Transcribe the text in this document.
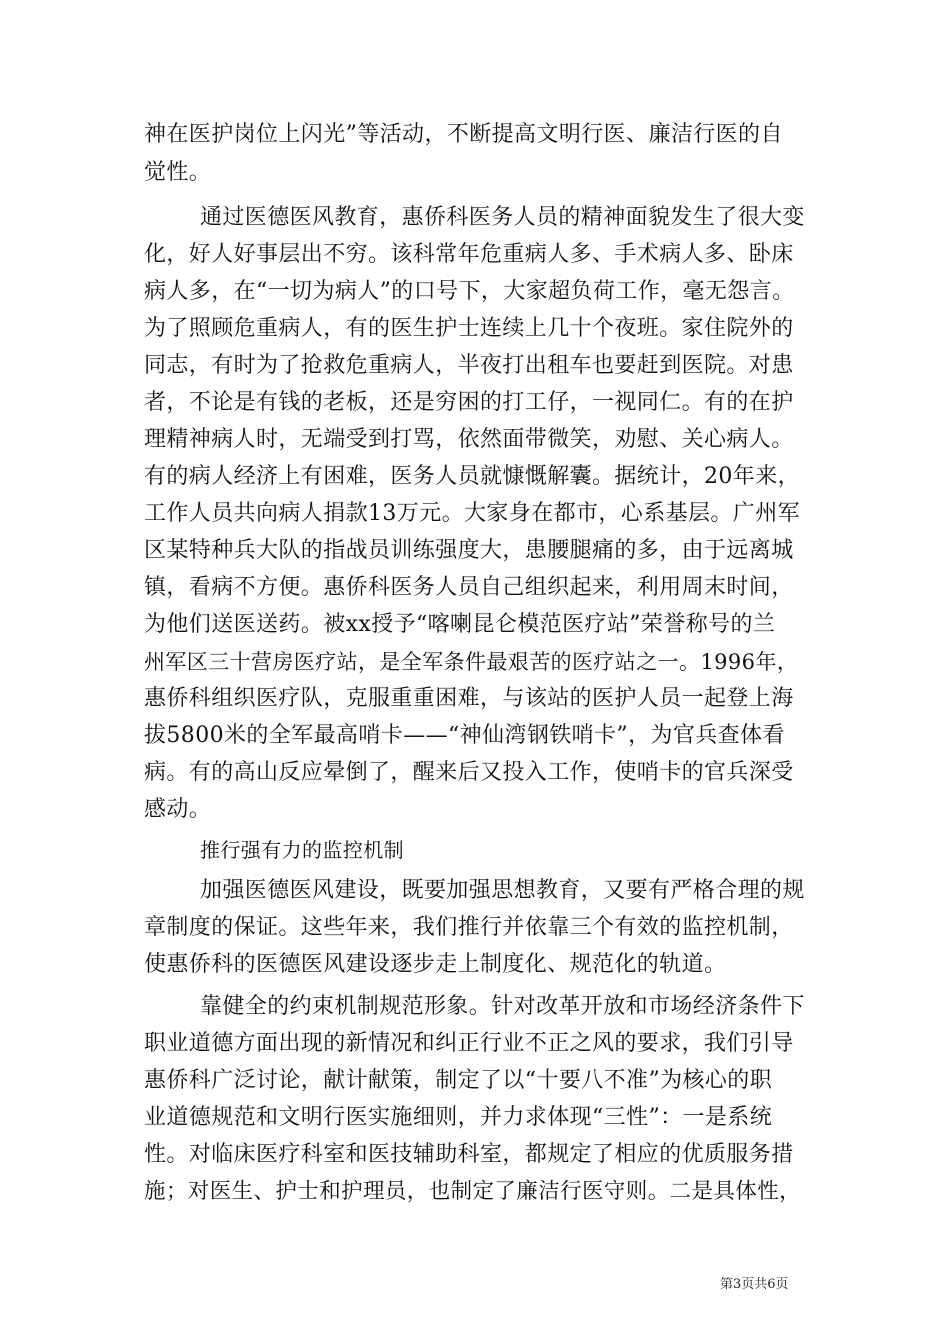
神在医护岗位上闪光”等活动，不断提高文明行医、廉洁行医的自
觉性。
通过医德医风教育，惠侨科医务人员的精神面貌发生了很大变
化，好人好事层出不穷。该科常年危重病人多、手术病人多、卧床
病人多，在“一切为病人”的口号下，大家超负荷工作，毫无怨言。
为了照顾危重病人，有的医生护士连续上几十个夜班。家住院外的
同志，有时为了抢救危重病人，半夜打出租车也要赶到医院。对患
者，不论是有钱的老板，还是穷困的打工仔，一视同仁。有的在护
理精神病人时，无端受到打骂，依然面带微笑，劝慰、关心病人。
有的病人经济上有困难，医务人员就慷慨解囊。据统计，20年来，
工作人员共向病人捐款13万元。大家身在都市，心系基层。广州军
区某特种兵大队的指战员训练强度大，患腰腿痛的多，由于远离城
镇，看病不方便。惠侨科医务人员自己组织起来，利用周末时间，
为他们送医送药。被xx授予“喀喇昆仑模范医疗站”荣誉称号的兰
州军区三十营房医疗站，是全军条件最艰苦的医疗站之一。1996年，
惠侨科组织医疗队，克服重重困难，与该站的医护人员一起登上海
拔5800米的全军最高哨卡——“神仙湾钢铁哨卡”，为官兵查体看
病。有的高山反应晕倒了，醒来后又投入工作，使哨卡的官兵深受
感动。
推行强有力的监控机制
加强医德医风建设，既要加强思想教育，又要有严格合理的规
章制度的保证。这些年来，我们推行并依靠三个有效的监控机制，
使惠侨科的医德医风建设逐步走上制度化、规范化的轨道。
靠健全的约束机制规范形象。针对改革开放和市场经济条件下
职业道德方面出现的新情况和纠正行业不正之风的要求，我们引导
惠侨科广泛讨论，献计献策，制定了以“十要八不准”为核心的职
业道德规范和文明行医实施细则，并力求体现“三性”：一是系统
性。对临床医疗科室和医技辅助科室，都规定了相应的优质服务措
施；对医生、护士和护理员，也制定了廉洁行医守则。二是具体性，
第3页共6页
